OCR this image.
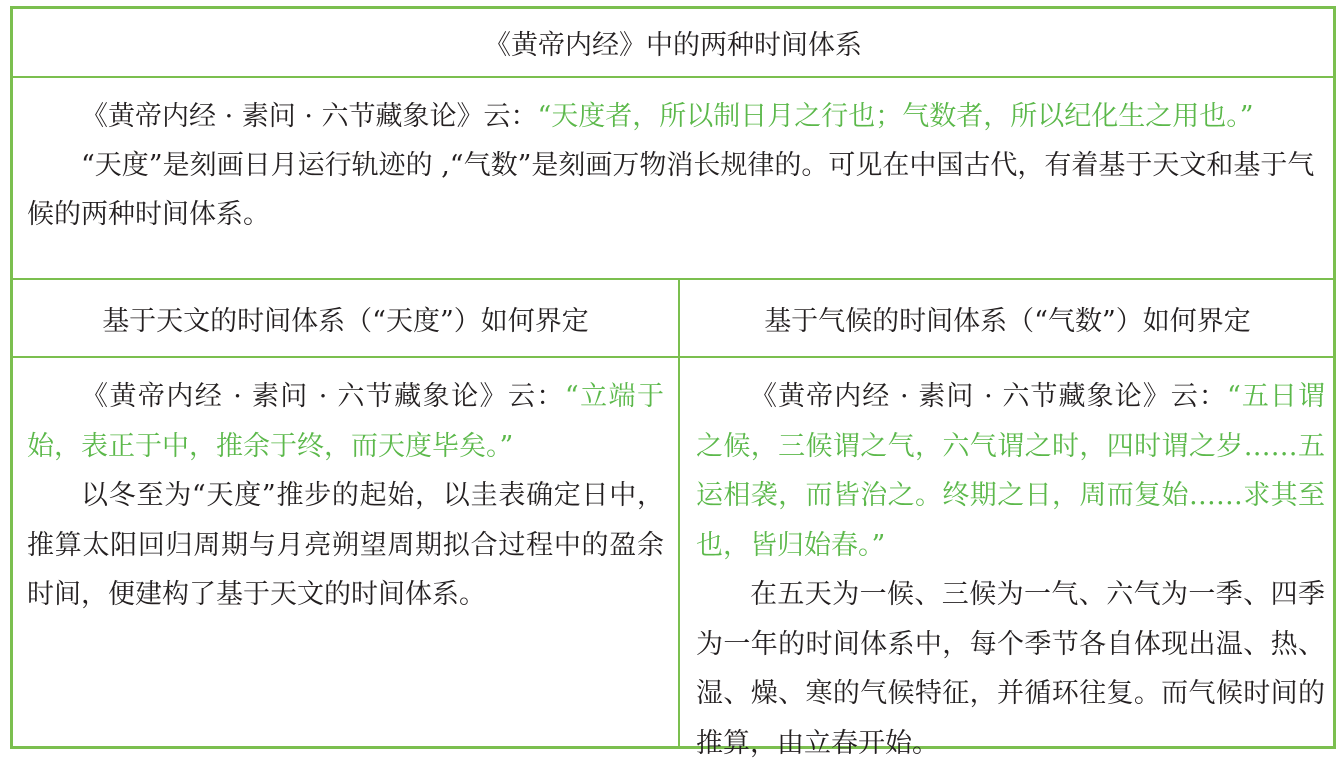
《黄帝内经》中的两种时间体系

《黄帝内经 · 素问 · 六节藏象论》云：“天度者，所以制日月之行也；气数者，所以纪化生之用也。”

“天度”是刻画日月运行轨迹的 ,“气数”是刻画万物消长规律的。可见在中国古代，有着基于天文和基于气候的两种时间体系。

基于天文的时间体系（“天度”）如何界定	基于气候的时间体系（“气数”）如何界定

《黄帝内经 · 素问 · 六节藏象论》云：“立端于始，表正于中，推余于终，而天度毕矣。”

以冬至为“天度”推步的起始，以圭表确定日中，推算太阳回归周期与月亮朔望周期拟合过程中的盈余时间，便建构了基于天文的时间体系。

《黄帝内经 · 素问 · 六节藏象论》云：“五日谓之候，三候谓之气，六气谓之时，四时谓之岁……五运相袭，而皆治之。终期之日，周而复始……求其至也，皆归始春。”

在五天为一候、三候为一气、六气为一季、四季为一年的时间体系中，每个季节各自体现出温、热、湿、燥、寒的气候特征，并循环往复。而气候时间的推算，由立春开始。
